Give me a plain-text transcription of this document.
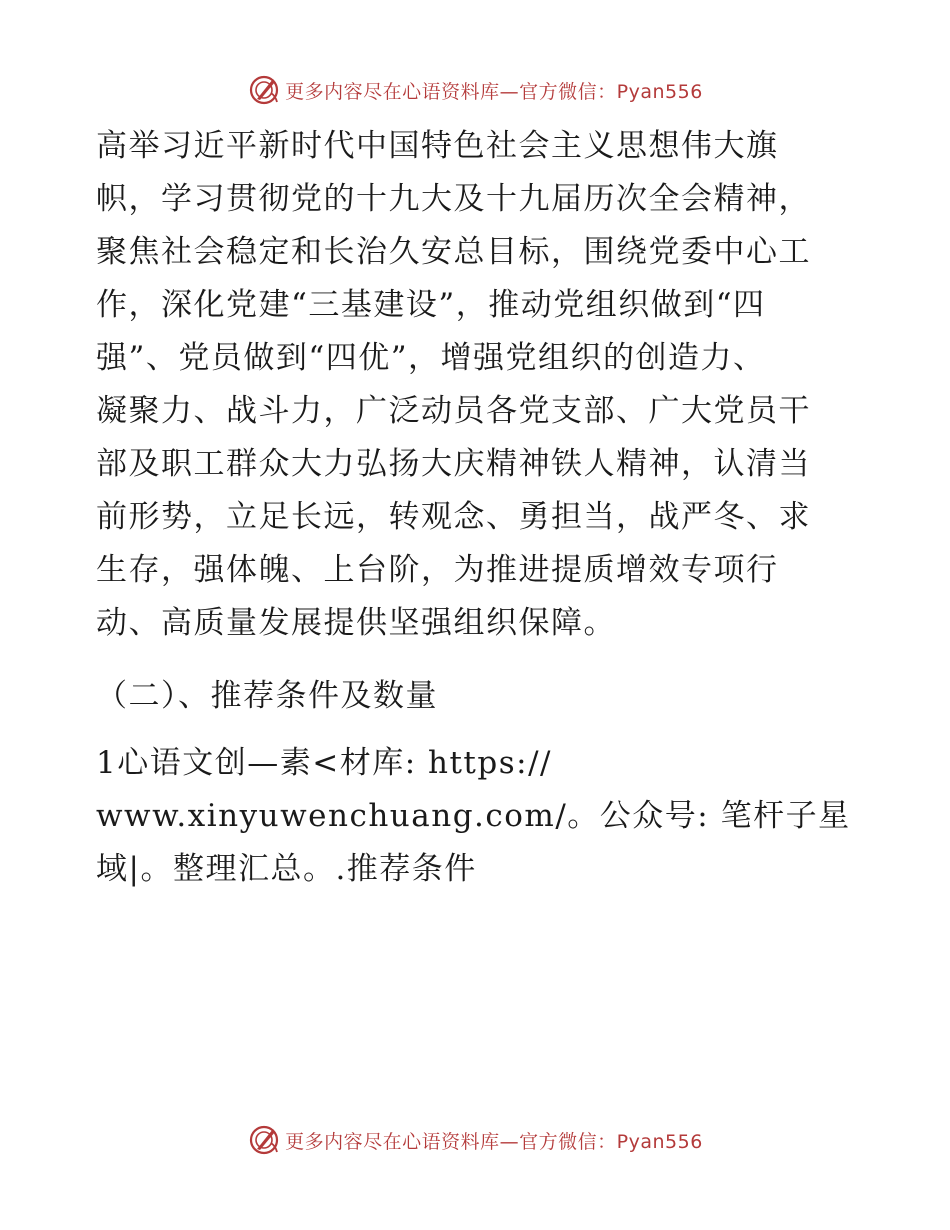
更多内容尽在心语资料库—官方微信：Pyan556

高举习近平新时代中国特色社会主义思想伟大旗
帜，学习贯彻党的十九大及十九届历次全会精神，
聚焦社会稳定和长治久安总目标，围绕党委中心工
作，深化党建“三基建设”，推动党组织做到“四
强”、党员做到“四优”，增强党组织的创造力、
凝聚力、战斗力，广泛动员各党支部、广大党员干
部及职工群众大力弘扬大庆精神铁人精神，认清当
前形势，立足长远，转观念、勇担当，战严冬、求
生存，强体魄、上台阶，为推进提质增效专项行
动、高质量发展提供坚强组织保障。

（二）、推荐条件及数量

1心语文创—素<材库: https://
www.xinyuwenchuang.com/。公众号: 笔杆子星
域|。整理汇总。.推荐条件

更多内容尽在心语资料库—官方微信：Pyan556
